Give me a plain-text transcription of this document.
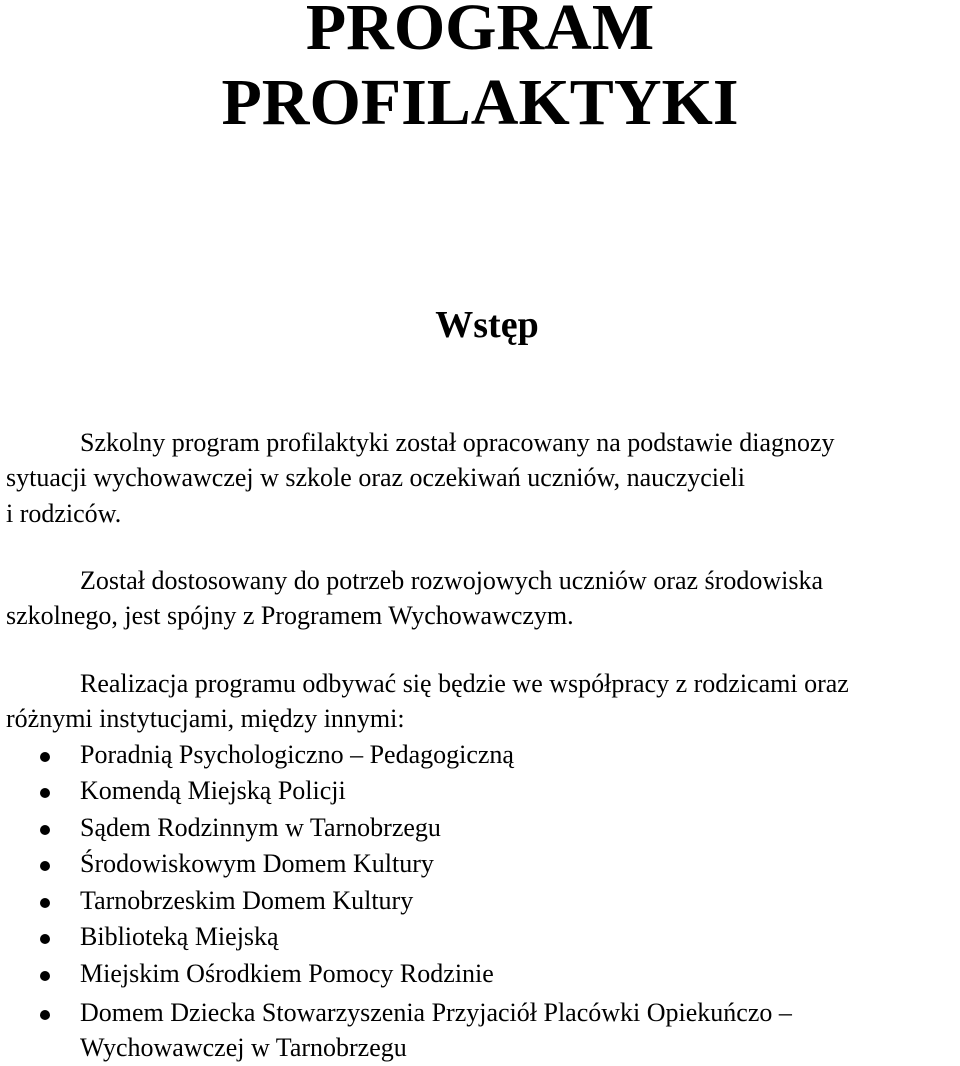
PROGRAM
PROFILAKTYKI
Wstęp

Szkolny program profilaktyki został opracowany na podstawie diagnozy

sytuacji wychowawczej w szkole oraz oczekiwań uczniów, nauczycieli

i rodziców.

Został dostosowany do potrzeb rozwojowych uczniów oraz środowiska

szkolnego, jest spójny z Programem Wychowawczym.

Realizacja programu odbywać się będzie we współpracy z rodzicami oraz

różnymi instytucjami, między innymi:

Poradnią Psychologiczno – Pedagogiczną
Komendą Miejską Policji
Sądem Rodzinnym w Tarnobrzegu
Środowiskowym Domem Kultury
Tarnobrzeskim Domem Kultury
Biblioteką Miejską
Miejskim Ośrodkiem Pomocy Rodzinie
Domem Dziecka Stowarzyszenia Przyjaciół Placówki Opiekuńczo –
Wychowawczej w Tarnobrzegu
